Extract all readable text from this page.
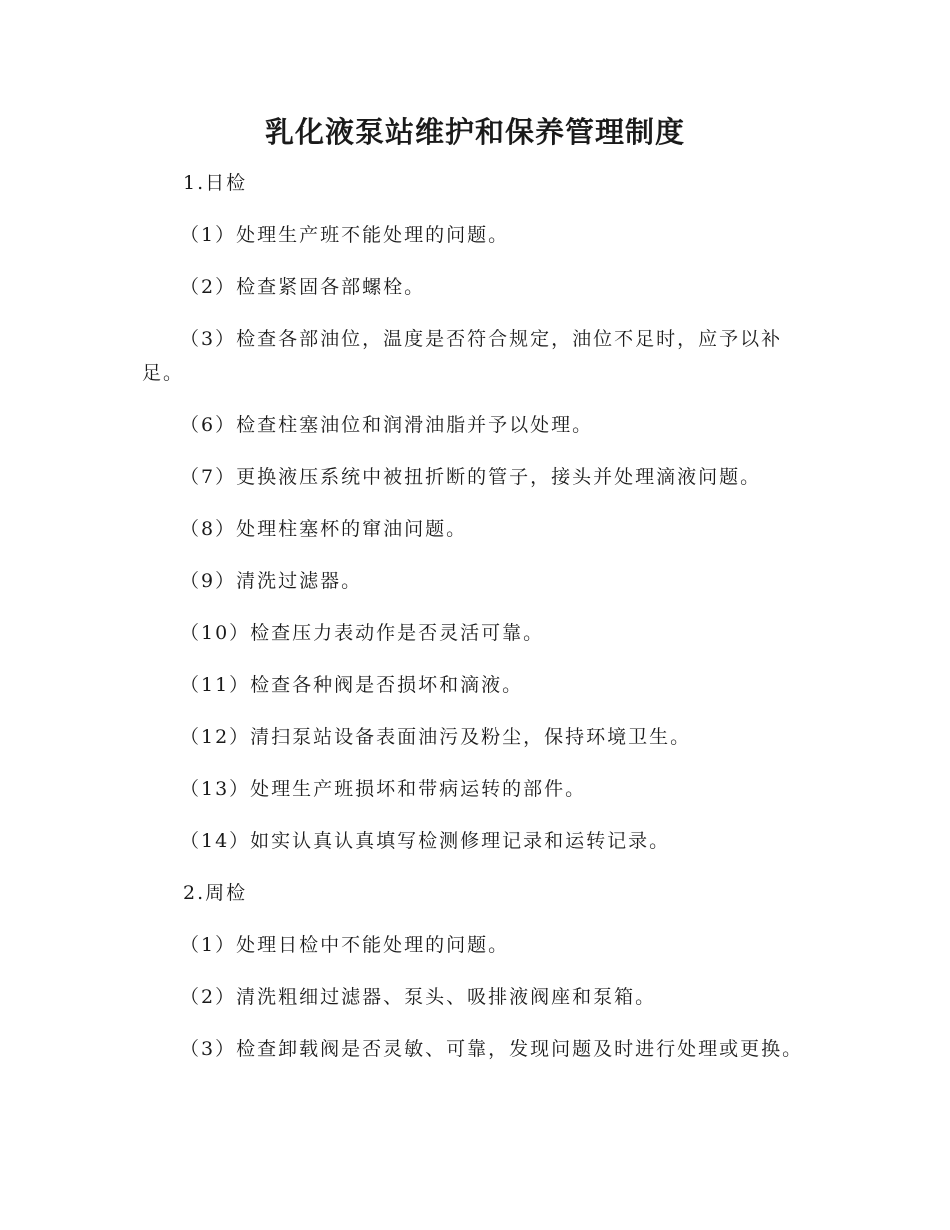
乳化液泵站维护和保养管理制度

1.日检

（1）处理生产班不能处理的问题。

（2）检查紧固各部螺栓。

（3）检查各部油位，温度是否符合规定，油位不足时，应予以补足。

（6）检查柱塞油位和润滑油脂并予以处理。

（7）更换液压系统中被扭折断的管子，接头并处理滴液问题。

（8）处理柱塞杯的窜油问题。

（9）清洗过滤器。

（10）检查压力表动作是否灵活可靠。

（11）检查各种阀是否损坏和滴液。

（12）清扫泵站设备表面油污及粉尘，保持环境卫生。

（13）处理生产班损坏和带病运转的部件。

（14）如实认真认真填写检测修理记录和运转记录。

2.周检

（1）处理日检中不能处理的问题。

（2）清洗粗细过滤器、泵头、吸排液阀座和泵箱。

（3）检查卸载阀是否灵敏、可靠，发现问题及时进行处理或更换。
